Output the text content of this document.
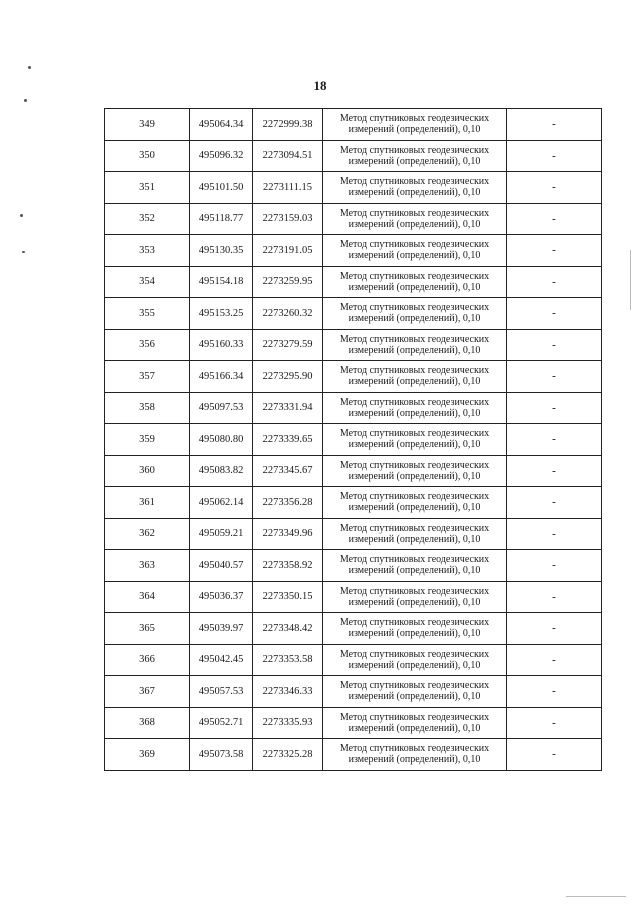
18
349	495064.34	2272999.38	Метод спутниковых геодезических
измерений (определений), 0,10	-
350	495096.32	2273094.51	Метод спутниковых геодезических
измерений (определений), 0,10	-
351	495101.50	2273111.15	Метод спутниковых геодезических
измерений (определений), 0,10	-
352	495118.77	2273159.03	Метод спутниковых геодезических
измерений (определений), 0,10	-
353	495130.35	2273191.05	Метод спутниковых геодезических
измерений (определений), 0,10	-
354	495154.18	2273259.95	Метод спутниковых геодезических
измерений (определений), 0,10	-
355	495153.25	2273260.32	Метод спутниковых геодезических
измерений (определений), 0,10	-
356	495160.33	2273279.59	Метод спутниковых геодезических
измерений (определений), 0,10	-
357	495166.34	2273295.90	Метод спутниковых геодезических
измерений (определений), 0,10	-
358	495097.53	2273331.94	Метод спутниковых геодезических
измерений (определений), 0,10	-
359	495080.80	2273339.65	Метод спутниковых геодезических
измерений (определений), 0,10	-
360	495083.82	2273345.67	Метод спутниковых геодезических
измерений (определений), 0,10	-
361	495062.14	2273356.28	Метод спутниковых геодезических
измерений (определений), 0,10	-
362	495059.21	2273349.96	Метод спутниковых геодезических
измерений (определений), 0,10	-
363	495040.57	2273358.92	Метод спутниковых геодезических
измерений (определений), 0,10	-
364	495036.37	2273350.15	Метод спутниковых геодезических
измерений (определений), 0,10	-
365	495039.97	2273348.42	Метод спутниковых геодезических
измерений (определений), 0,10	-
366	495042.45	2273353.58	Метод спутниковых геодезических
измерений (определений), 0,10	-
367	495057.53	2273346.33	Метод спутниковых геодезических
измерений (определений), 0,10	-
368	495052.71	2273335.93	Метод спутниковых геодезических
измерений (определений), 0,10	-
369	495073.58	2273325.28	Метод спутниковых геодезических
измерений (определений), 0,10	-
